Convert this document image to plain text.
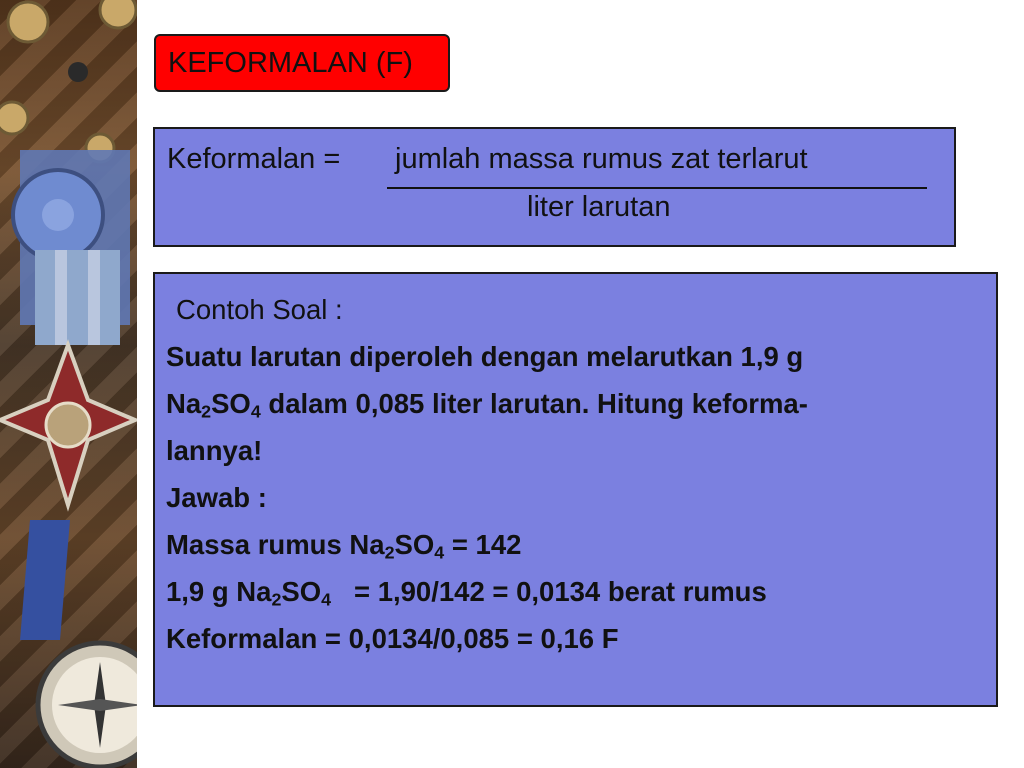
KEFORMALAN (F)
Keformalan = jumlah massa rumus zat terlarut
liter larutan
Contoh Soal :
Suatu larutan diperoleh dengan melarutkan 1,9 g
$Na_2SO_4$ dalam 0,085 liter larutan. Hitung keforma-
lannya!
Jawab :
Massa rumus $Na_2SO_4 = 142$
1,9 g $Na_2SO_4 = 1,90/142 = 0,0134$ berat rumus
Keformalan = 0,0134/0,085 = 0,16 F
